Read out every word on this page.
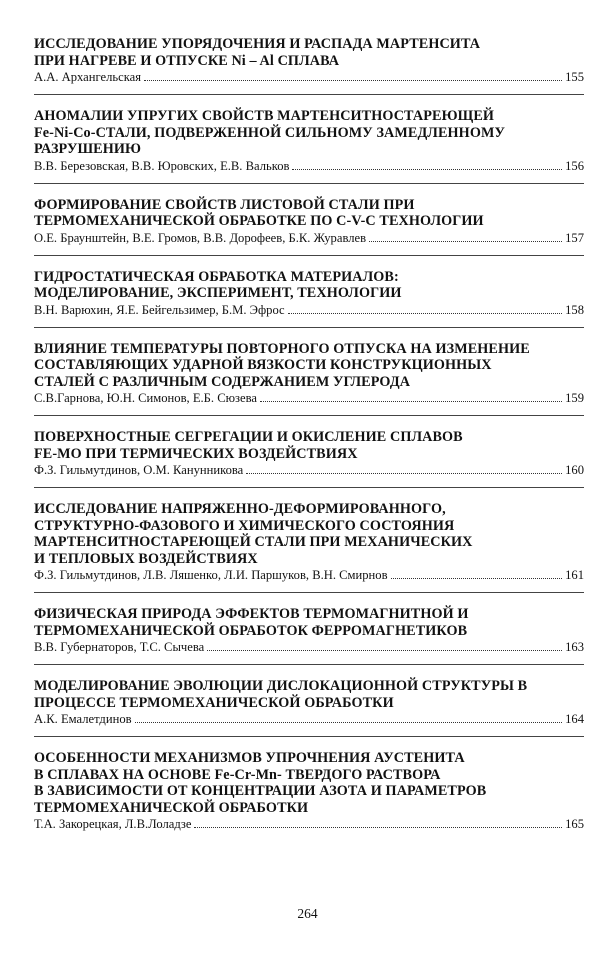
ИССЛЕДОВАНИЕ УПОРЯДОЧЕНИЯ И РАСПАДА МАРТЕНСИТА
ПРИ НАГРЕВЕ И ОТПУСКЕ Ni – Al СПЛАВА
А.А. Архангельская	155
АНОМАЛИИ УПРУГИХ СВОЙСТВ МАРТЕНСИТНОСТАРЕЮЩЕЙ
Fe-Ni-Co-СТАЛИ, ПОДВЕРЖЕННОЙ СИЛЬНОМУ ЗАМЕДЛЕННОМУ
РАЗРУШЕНИЮ
В.В. Березовская, В.В. Юровских, Е.В. Вальков	156
ФОРМИРОВАНИЕ СВОЙСТВ ЛИСТОВОЙ СТАЛИ ПРИ
ТЕРМОМЕХАНИЧЕСКОЙ ОБРАБОТКЕ ПО C-V-C ТЕХНОЛОГИИ
О.Е. Браунштейн, В.Е. Громов, В.В. Дорофеев, Б.К. Журавлев	157
ГИДРОСТАТИЧЕСКАЯ ОБРАБОТКА МАТЕРИАЛОВ:
МОДЕЛИРОВАНИЕ, ЭКСПЕРИМЕНТ, ТЕХНОЛОГИИ
В.Н. Варюхин, Я.Е. Бейгельзимер, Б.М. Эфрос	158
ВЛИЯНИЕ ТЕМПЕРАТУРЫ ПОВТОРНОГО ОТПУСКА НА ИЗМЕНЕНИЕ
СОСТАВЛЯЮЩИХ УДАРНОЙ ВЯЗКОСТИ КОНСТРУКЦИОННЫХ
СТАЛЕЙ С РАЗЛИЧНЫМ СОДЕРЖАНИЕМ УГЛЕРОДА
С.В.Гарнова, Ю.Н. Симонов, Е.Б. Сюзева	159
ПОВЕРХНОСТНЫЕ СЕГРЕГАЦИИ И ОКИСЛЕНИЕ СПЛАВОВ
FE-MO ПРИ ТЕРМИЧЕСКИХ ВОЗДЕЙСТВИЯХ
Ф.З. Гильмутдинов, О.М. Канунникова	160
ИССЛЕДОВАНИЕ НАПРЯЖЕННО-ДЕФОРМИРОВАННОГО,
СТРУКТУРНО-ФАЗОВОГО И ХИМИЧЕСКОГО СОСТОЯНИЯ
МАРТЕНСИТНОСТАРЕЮЩЕЙ СТАЛИ ПРИ МЕХАНИЧЕСКИХ
И ТЕПЛОВЫХ ВОЗДЕЙСТВИЯХ
Ф.З. Гильмутдинов, Л.В. Ляшенко, Л.И. Паршуков, В.Н. Смирнов	161
ФИЗИЧЕСКАЯ ПРИРОДА ЭФФЕКТОВ ТЕРМОМАГНИТНОЙ И
ТЕРМОМЕХАНИЧЕСКОЙ ОБРАБОТОК ФЕРРОМАГНЕТИКОВ
В.В. Губернаторов, Т.С. Сычева	163
МОДЕЛИРОВАНИЕ ЭВОЛЮЦИИ ДИСЛОКАЦИОННОЙ СТРУКТУРЫ В
ПРОЦЕССЕ ТЕРМОМЕХАНИЧЕСКОЙ ОБРАБОТКИ
А.К. Емалетдинов	164
ОСОБЕННОСТИ МЕХАНИЗМОВ УПРОЧНЕНИЯ АУСТЕНИТА
В СПЛАВАХ НА ОСНОВЕ Fe-Cr-Mn- ТВЕРДОГО РАСТВОРА
В ЗАВИСИМОСТИ ОТ КОНЦЕНТРАЦИИ АЗОТА И ПАРАМЕТРОВ
ТЕРМОМЕХАНИЧЕСКОЙ ОБРАБОТКИ
Т.А. Закорецкая, Л.В.Лоладзе	165
264
